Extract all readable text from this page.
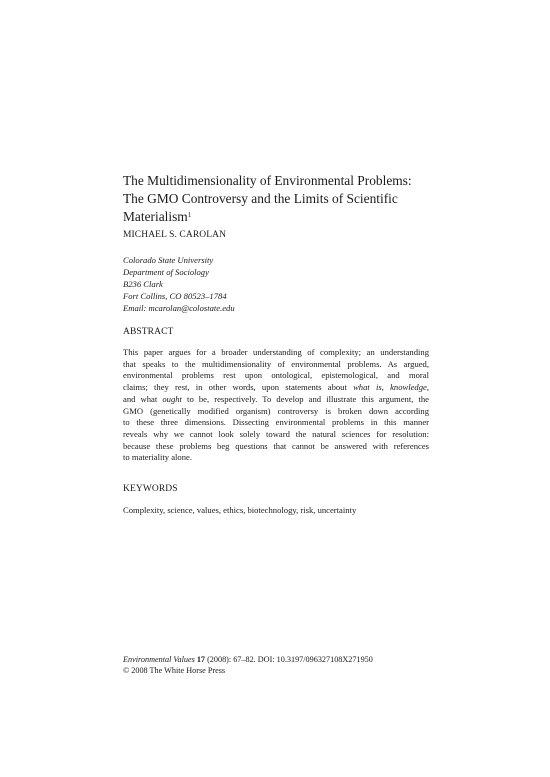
The Multidimensionality of Environmental Problems:
The GMO Controversy and the Limits of Scientific
Materialism$^1$
MICHAEL S. CAROLAN
Colorado State University
Department of Sociology
B236 Clark
Fort Collins, CO 80523–1784
Email: mcarolan@colostate.edu
ABSTRACT
This paper argues for a broader understanding of complexity; an understanding
that speaks to the multidimensionality of environmental problems. As argued,
environmental problems rest upon ontological, epistemological, and moral
claims; they rest, in other words, upon statements about what is, knowledge,
and what ought to be, respectively. To develop and illustrate this argument, the
GMO (genetically modified organism) controversy is broken down according
to these three dimensions. Dissecting environmental problems in this manner
reveals why we cannot look solely toward the natural sciences for resolution:
because these problems beg questions that cannot be answered with references
to materiality alone.
KEYWORDS
Complexity, science, values, ethics, biotechnology, risk, uncertainty
Environmental Values 17 (2008): 67–82. DOI: 10.3197/096327108X271950
© 2008 The White Horse Press
